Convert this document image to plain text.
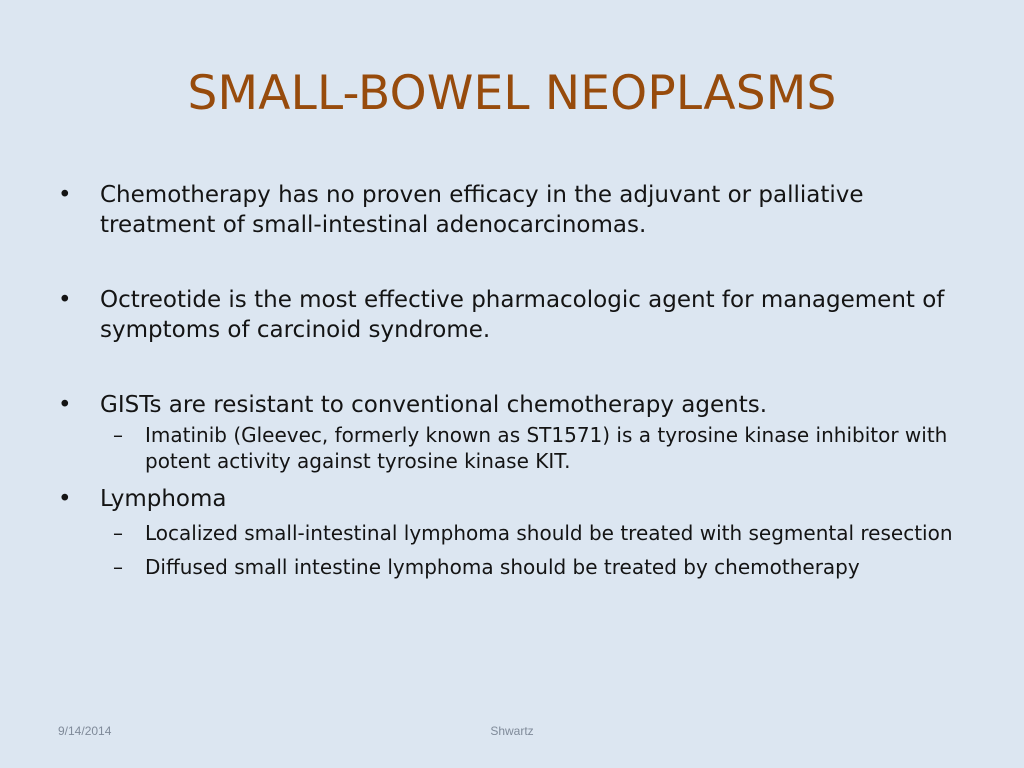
SMALL-BOWEL NEOPLASMS
• Chemotherapy has no proven efficacy in the adjuvant or palliative treatment of small-intestinal adenocarcinomas.
• Octreotide is the most effective pharmacologic agent for management of symptoms of carcinoid syndrome.
• GISTs are resistant to conventional chemotherapy agents.
– Imatinib (Gleevec, formerly known as ST1571) is a tyrosine kinase inhibitor with potent activity against tyrosine kinase KIT.
• Lymphoma
– Localized small-intestinal lymphoma should be treated with segmental resection
– Diffused small intestine lymphoma should be treated by chemotherapy
9/14/2014	Shwartz
